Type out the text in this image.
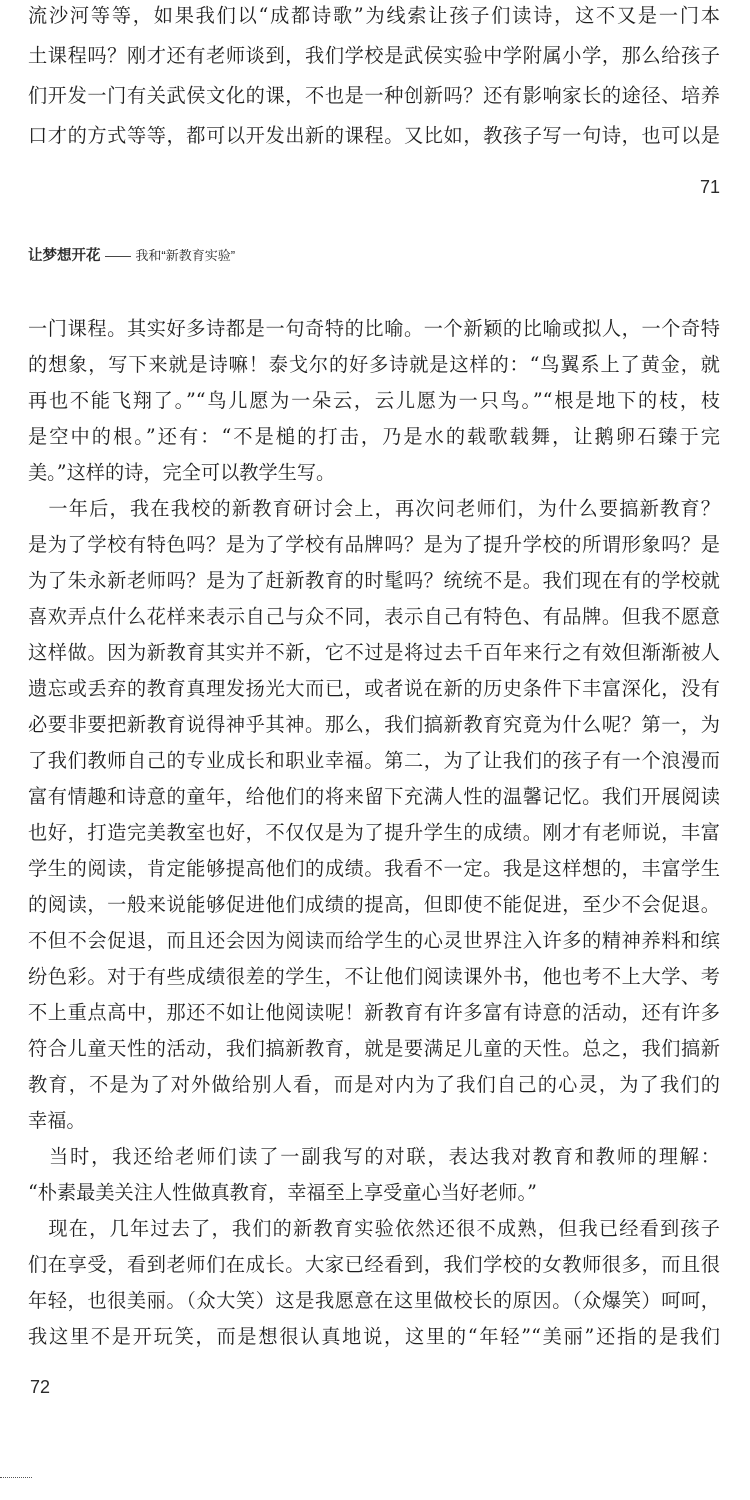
流沙河等等，如果我们以“成都诗歌”为线索让孩子们读诗，这不又是一门本
土课程吗？刚才还有老师谈到，我们学校是武侯实验中学附属小学，那么给孩子
们开发一门有关武侯文化的课，不也是一种创新吗？还有影响家长的途径、培养
口才的方式等等，都可以开发出新的课程。又比如，教孩子写一句诗，也可以是
71
让梦想开花 —— 我和“新教育实验”
一门课程。其实好多诗都是一句奇特的比喻。一个新颖的比喻或拟人，一个奇特
的想象，写下来就是诗嘛！泰戈尔的好多诗就是这样的：“鸟翼系上了黄金，就
再也不能飞翔了。”“鸟儿愿为一朵云，云儿愿为一只鸟。”“根是地下的枝，枝
是空中的根。”还有：“不是槌的打击，乃是水的载歌载舞，让鹅卵石臻于完
美。”这样的诗，完全可以教学生写。
　一年后，我在我校的新教育研讨会上，再次问老师们，为什么要搞新教育？
是为了学校有特色吗？是为了学校有品牌吗？是为了提升学校的所谓形象吗？是
为了朱永新老师吗？是为了赶新教育的时髦吗？统统不是。我们现在有的学校就
喜欢弄点什么花样来表示自己与众不同，表示自己有特色、有品牌。但我不愿意
这样做。因为新教育其实并不新，它不过是将过去千百年来行之有效但渐渐被人
遗忘或丢弃的教育真理发扬光大而已，或者说在新的历史条件下丰富深化，没有
必要非要把新教育说得神乎其神。那么，我们搞新教育究竟为什么呢？第一，为
了我们教师自己的专业成长和职业幸福。第二，为了让我们的孩子有一个浪漫而
富有情趣和诗意的童年，给他们的将来留下充满人性的温馨记忆。我们开展阅读
也好，打造完美教室也好，不仅仅是为了提升学生的成绩。刚才有老师说，丰富
学生的阅读，肯定能够提高他们的成绩。我看不一定。我是这样想的，丰富学生
的阅读，一般来说能够促进他们成绩的提高，但即使不能促进，至少不会促退。
不但不会促退，而且还会因为阅读而给学生的心灵世界注入许多的精神养料和缤
纷色彩。对于有些成绩很差的学生，不让他们阅读课外书，他也考不上大学、考
不上重点高中，那还不如让他阅读呢！新教育有许多富有诗意的活动，还有许多
符合儿童天性的活动，我们搞新教育，就是要满足儿童的天性。总之，我们搞新
教育，不是为了对外做给别人看，而是对内为了我们自己的心灵，为了我们的
幸福。
　当时，我还给老师们读了一副我写的对联，表达我对教育和教师的理解：
“朴素最美关注人性做真教育，幸福至上享受童心当好老师。”
　现在，几年过去了，我们的新教育实验依然还很不成熟，但我已经看到孩子
们在享受，看到老师们在成长。大家已经看到，我们学校的女教师很多，而且很
年轻，也很美丽。（众大笑）这是我愿意在这里做校长的原因。（众爆笑）呵呵，
我这里不是开玩笑，而是想很认真地说，这里的“年轻”“美丽”还指的是我们
72
